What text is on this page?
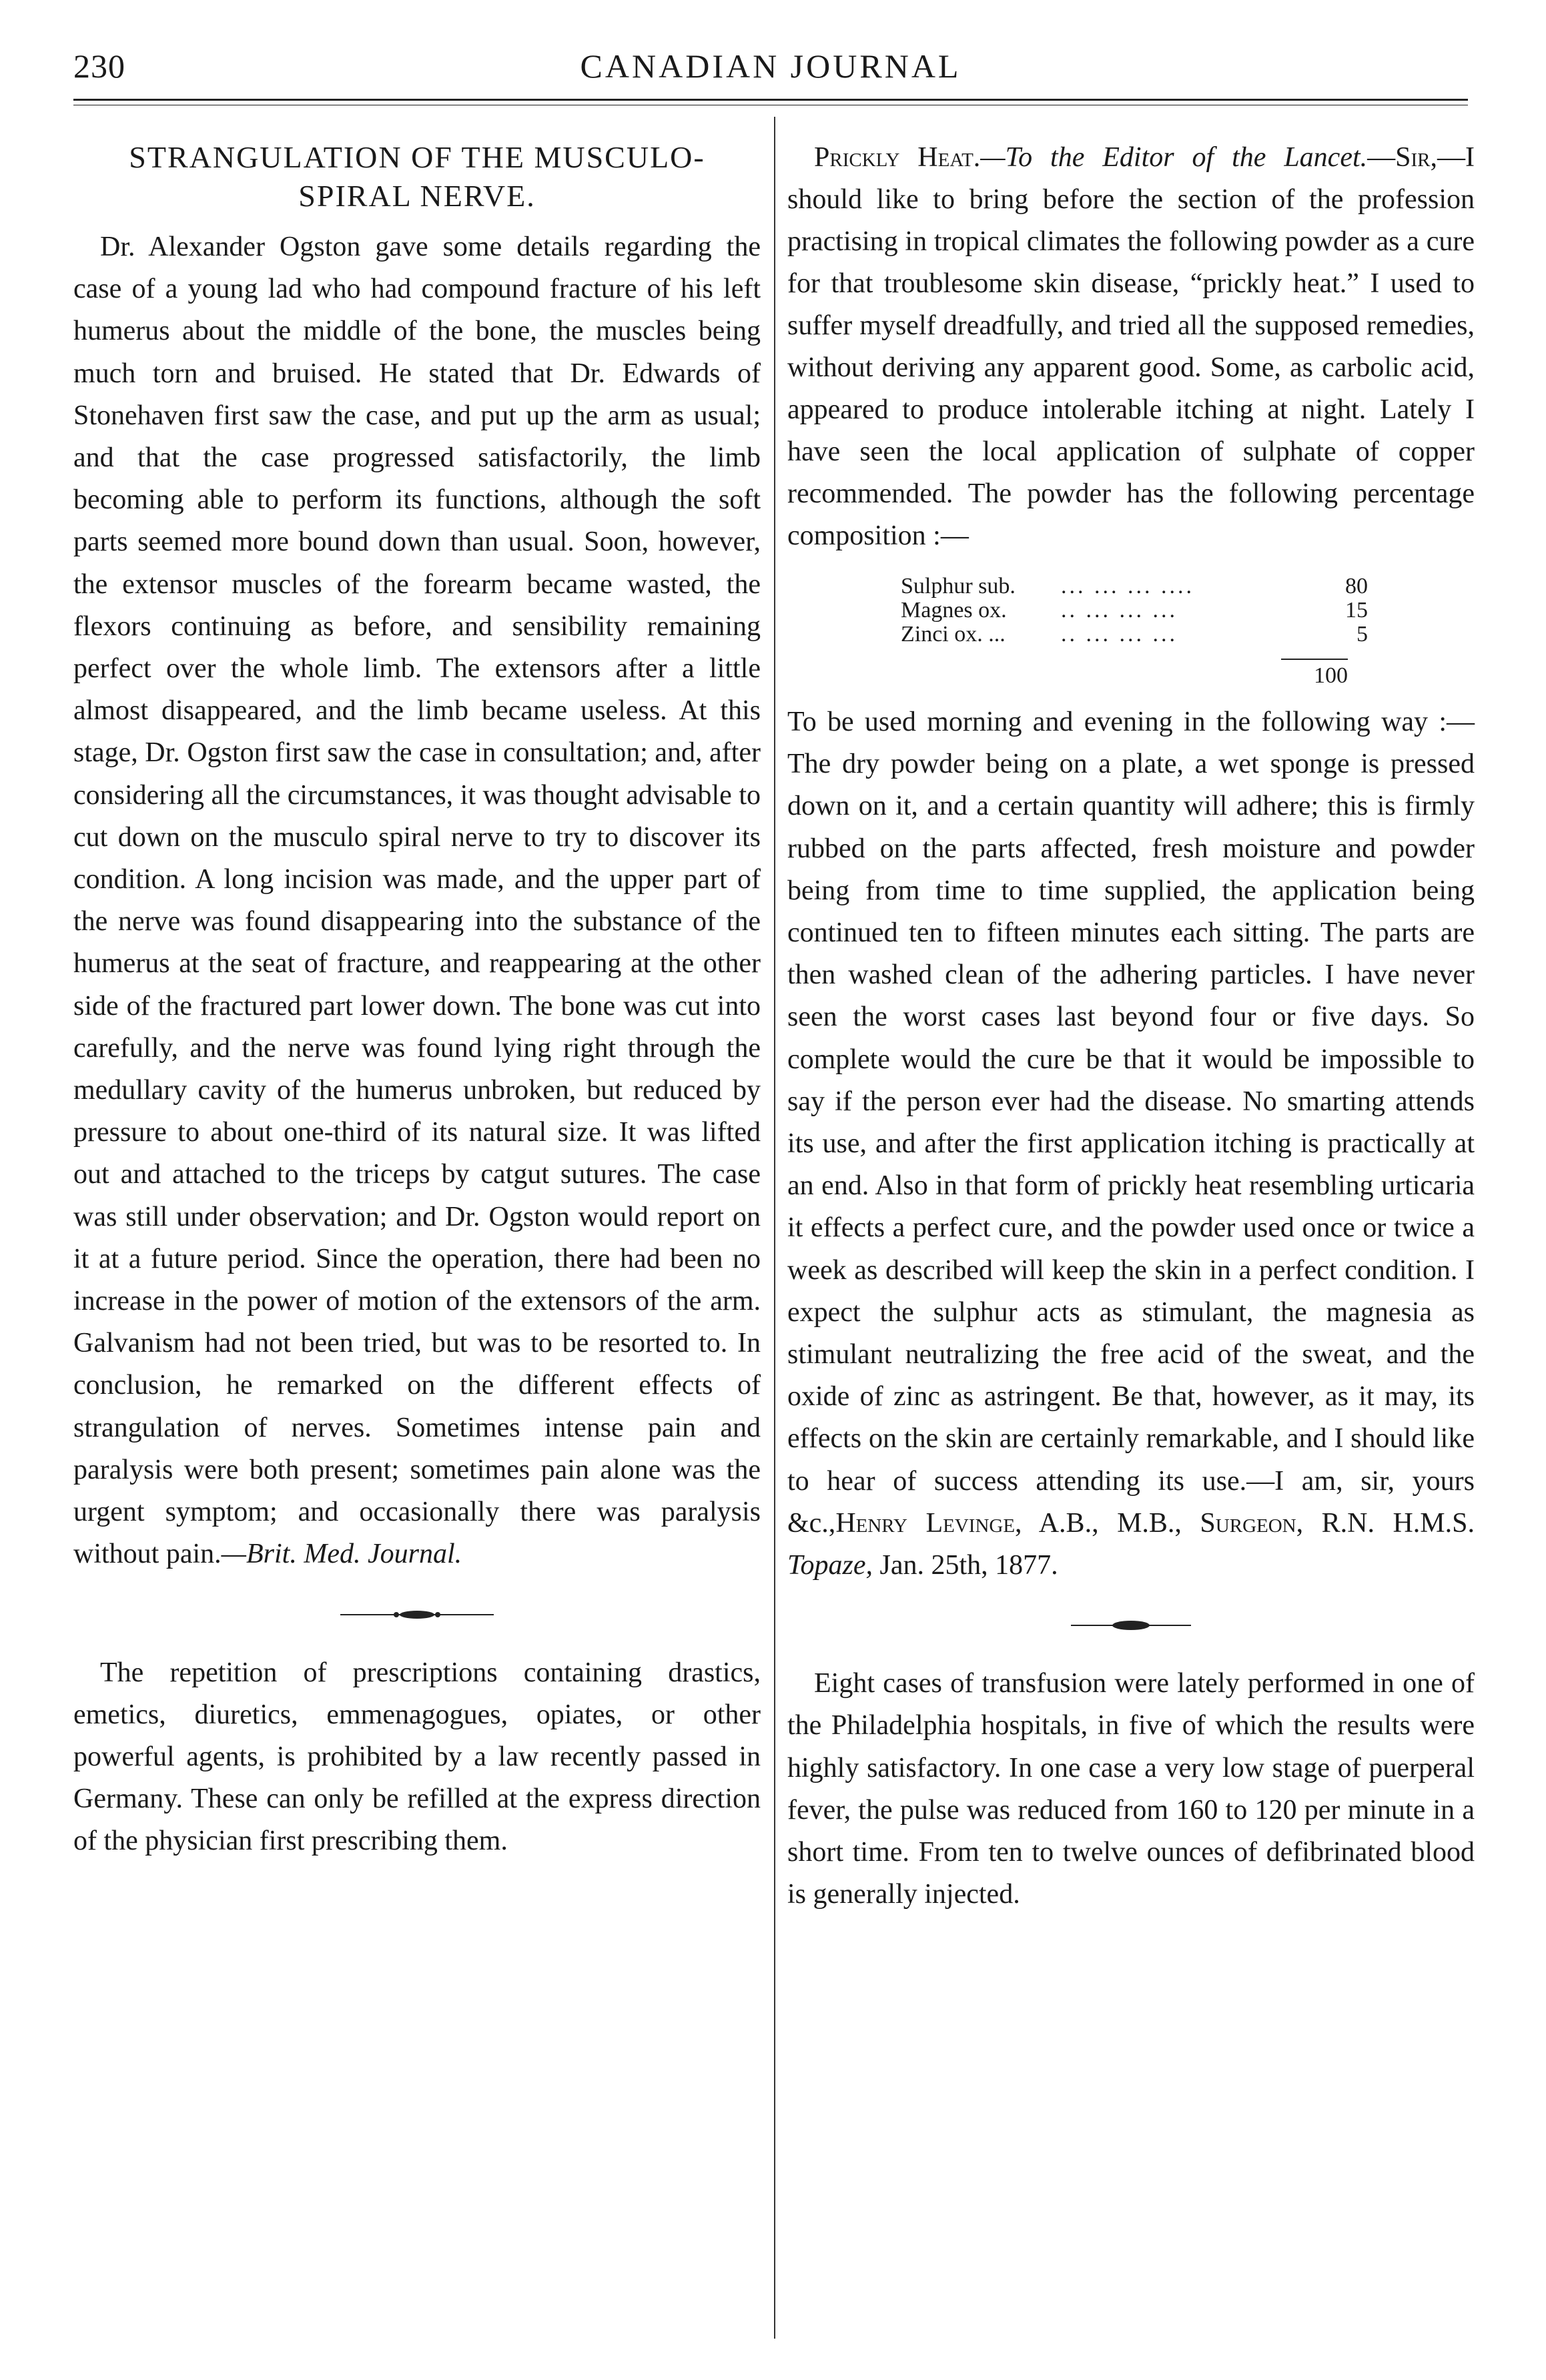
230	CANADIAN JOURNAL
STRANGULATION OF THE MUSCULO-SPIRAL NERVE.

Dr. Alexander Ogston gave some details regarding the case of a young lad who had compound fracture of his left humerus about the middle of the bone, the muscles being much torn and bruised. He stated that Dr. Edwards of Stonehaven first saw the case, and put up the arm as usual; and that the case progressed satisfactorily, the limb becoming able to perform its functions, although the soft parts seemed more bound down than usual. Soon, however, the extensor muscles of the forearm became wasted, the flexors continuing as before, and sensibility remaining perfect over the whole limb. The extensors after a little almost disappeared, and the limb became useless. At this stage, Dr. Ogston first saw the case in consultation; and, after considering all the circumstances, it was thought advisable to cut down on the musculo spiral nerve to try to discover its condition. A long incision was made, and the upper part of the nerve was found disappearing into the substance of the humerus at the seat of fracture, and reappearing at the other side of the fractured part lower down. The bone was cut into carefully, and the nerve was found lying right through the medullary cavity of the humerus unbroken, but reduced by pressure to about one-third of its natural size. It was lifted out and attached to the triceps by catgut sutures. The case was still under observation; and Dr. Ogston would report on it at a future period. Since the operation, there had been no increase in the power of motion of the extensors of the arm. Galvanism had not been tried, but was to be resorted to. In conclusion, he remarked on the different effects of strangulation of nerves. Sometimes intense pain and paralysis were both present; sometimes pain alone was the urgent symptom; and occasionally there was paralysis without pain.—Brit. Med. Journal.

The repetition of prescriptions containing drastics, emetics, diuretics, emmenagogues, opiates, or other powerful agents, is prohibited by a law recently passed in Germany. These can only be refilled at the express direction of the physician first prescribing them.

Prickly Heat.—To the Editor of the Lancet.—Sir,—I should like to bring before the section of the profession practising in tropical climates the following powder as a cure for that troublesome skin disease, “prickly heat.” I used to suffer myself dreadfully, and tried all the supposed remedies, without deriving any apparent good. Some, as carbolic acid, appeared to produce intolerable itching at night. Lately I have seen the local application of sulphate of copper recommended. The powder has the following percentage composition :—

Sulphur sub.	... ... ... ....	80
Magnes ox.	.. ... ... ...	15
Zinci ox. ...	.. ... ... ...	5
100

To be used morning and evening in the following way :—The dry powder being on a plate, a wet sponge is pressed down on it, and a certain quantity will adhere; this is firmly rubbed on the parts affected, fresh moisture and powder being from time to time supplied, the application being continued ten to fifteen minutes each sitting. The parts are then washed clean of the adhering particles. I have never seen the worst cases last beyond four or five days. So complete would the cure be that it would be impossible to say if the person ever had the disease. No smarting attends its use, and after the first application itching is practically at an end. Also in that form of prickly heat resembling urticaria it effects a perfect cure, and the powder used once or twice a week as described will keep the skin in a perfect condition. I expect the sulphur acts as stimulant, the magnesia as stimulant neutralizing the free acid of the sweat, and the oxide of zinc as astringent. Be that, however, as it may, its effects on the skin are certainly remarkable, and I should like to hear of success attending its use.—I am, sir, yours &c.,Henry Levinge, A.B., M.B., Surgeon, R.N. H.M.S. Topaze, Jan. 25th, 1877.

Eight cases of transfusion were lately performed in one of the Philadelphia hospitals, in five of which the results were highly satisfactory. In one case a very low stage of puerperal fever, the pulse was reduced from 160 to 120 per minute in a short time. From ten to twelve ounces of defibrinated blood is generally injected.
